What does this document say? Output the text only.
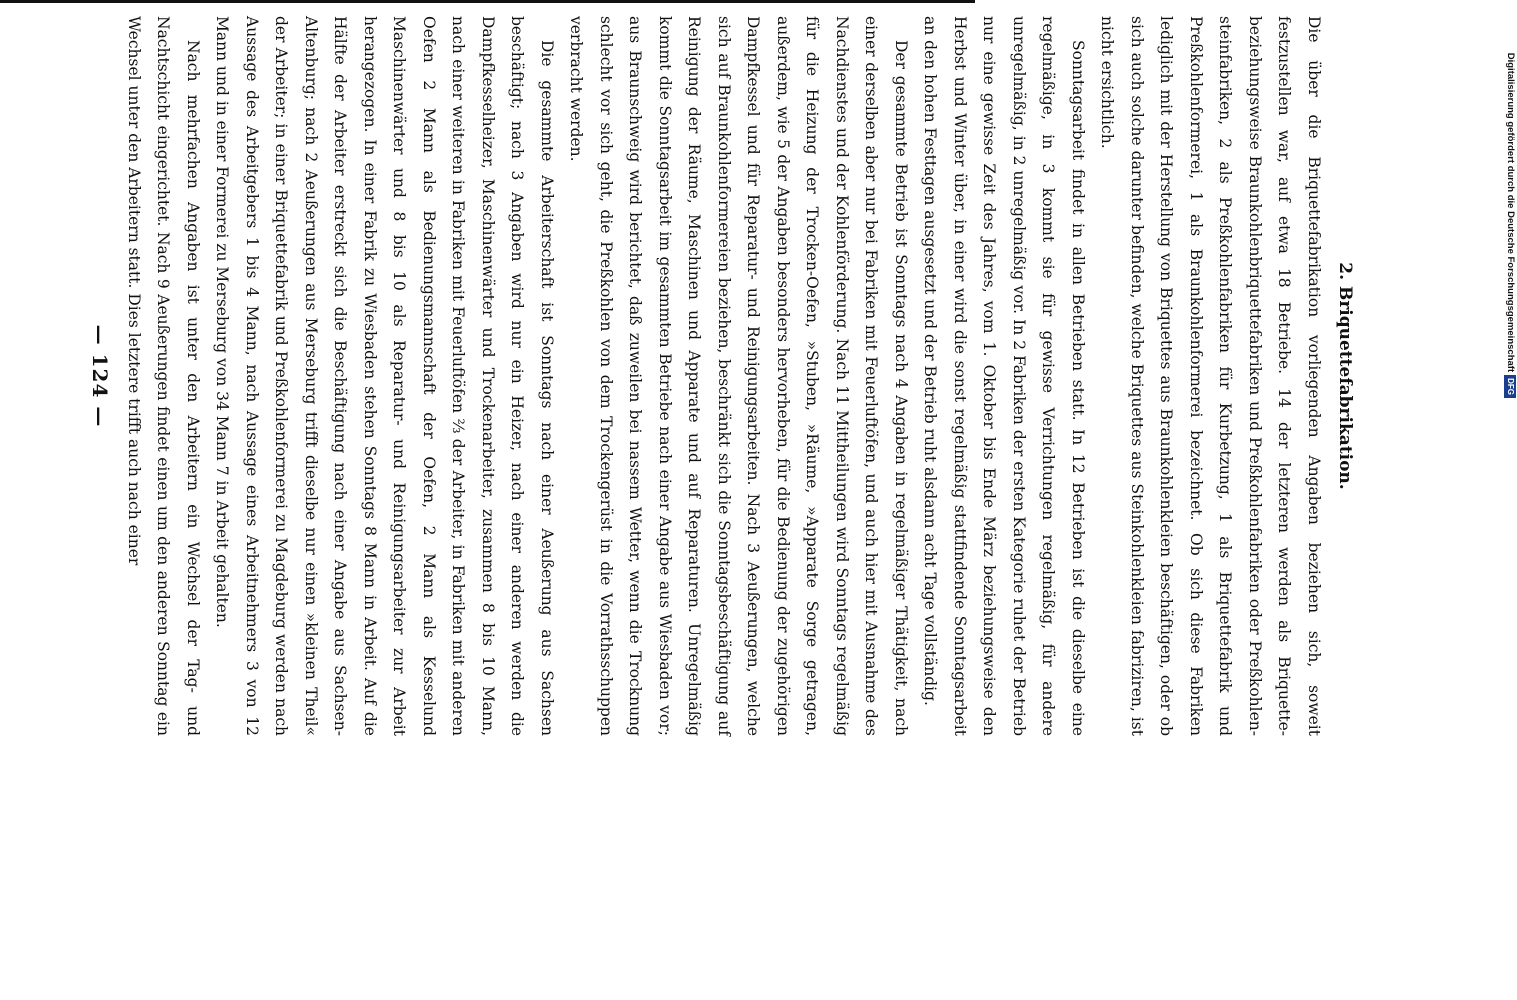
2. Briquettefabrikation.

Die über die Briquettefabrikation vorliegenden Angaben beziehen sich, soweit festzustellen war, auf etwa 18 Betriebe. 14 der letzteren werden als Briquette- beziehungsweise Braunkohlenbriquettefabriken und Preßkohlenfabriken oder Preßkohlen- steinfabriken, 2 als Preßkohlenfabriken für Kurbetzung, 1 als Briquettefabrik und Preßkohlenformerei, 1 als Braunkohlenformerei bezeichnet. Ob sich diese Fabriken lediglich mit der Herstellung von Briquettes aus Braunkohlenkleien beschäftigen, oder ob sich auch solche darunter befinden, welche Briquettes aus Steinkohlenkleien fabriziren, ist nicht ersichtlich.

Sonntagsarbeit findet in allen Betrieben statt. In 12 Betrieben ist die dieselbe eine regelmäßige, in 3 kommt sie für gewisse Verrichtungen regelmäßig, für andere unregelmäßig, in 2 unregelmäßig vor. In 2 Fabriken der ersten Kategorie ruhet der Betrieb nur eine gewisse Zeit des Jahres, vom 1. Oktober bis Ende März beziehungsweise den Herbst und Winter über, in einer wird die sonst regelmäßig stattfindende Sonntagsarbeit an den hohen Festtagen ausgesetzt und der Betrieb ruht alsdann acht Tage vollständig.

Der gesammte Betrieb ist Sonntags nach 4 Angaben in regelmäßiger Thätigkeit, nach einer derselben aber nur bei Fabriken mit Feuerluftöfen, und auch hier mit Ausnahme des Nachdienstes und der Kohlenförderung. Nach 11 Mittheilungen wird Sonntags regelmäßig für die Heizung der Trocken-Oefen, »Stuben, »Räume, »Apparate Sorge getragen, außerdem, wie 5 der Angaben besonders hervorheben, für die Bedienung der zugehörigen Dampfkessel und für Reparatur- und Reinigungsarbeiten. Nach 3 Aeußerungen, welche sich auf Braunkohlenformereien beziehen, beschränkt sich die Sonntagsbeschäftigung auf Reinigung der Räume, Maschinen und Apparate und auf Reparaturen. Unregelmäßig kommt die Sonntagsarbeit im gesammten Betriebe nach einer Angabe aus Wiesbaden vor; aus Braunschweig wird berichtet, daß zuweilen bei nassem Wetter, wenn die Trocknung schlecht vor sich geht, die Preßkohlen von dem Trockengerüst in die Vorrathsschuppen verbracht werden.

Die gesammte Arbeiterschaft ist Sonntags nach einer Aeußerung aus Sachsen beschäftigt; nach 3 Angaben wird nur ein Heizer, nach einer anderen werden die Dampfkesselheizer, Maschinenwärter und Trockenarbeiter, zusammen 8 bis 10 Mann, nach einer weiteren in Fabriken mit Feuerluftöfen ⅔ der Arbeiter, in Fabriken mit anderen Oefen 2 Mann als Bedienungsmannschaft der Oefen, 2 Mann als Kesselund Maschinenwärter und 8 bis 10 als Reparatur- und Reinigungsarbeiter zur Arbeit herangezogen. In einer Fabrik zu Wiesbaden stehen Sonntags 8 Mann in Arbeit. Auf die Hälfte der Arbeiter erstreckt sich die Beschäftigung nach einer Angabe aus Sachsen-Altenburg; nach 2 Aeußerungen aus Merseburg trifft dieselbe nur einen »kleinen Theil« der Arbeiter; in einer Briquettefabrik und Preßkohlenformerei zu Magdeburg werden nach Aussage des Arbeitgebers 1 bis 4 Mann, nach Aussage eines Arbeitnehmers 3 von 12 Mann und in einer Formerei zu Merseburg von 34 Mann 7 in Arbeit gehalten.

Nach mehrfachen Angaben ist unter den Arbeitern ein Wechsel der Tag- und Nachtschicht eingerichtet. Nach 9 Aeußerungen findet einen um den anderen Sonntag ein Wechsel unter den Arbeitern statt. Dies letztere trifft auch nach einer

— 124 —
Digitalisierung gefördert durch die Deutsche ForschungsgemeinschaftDFG
